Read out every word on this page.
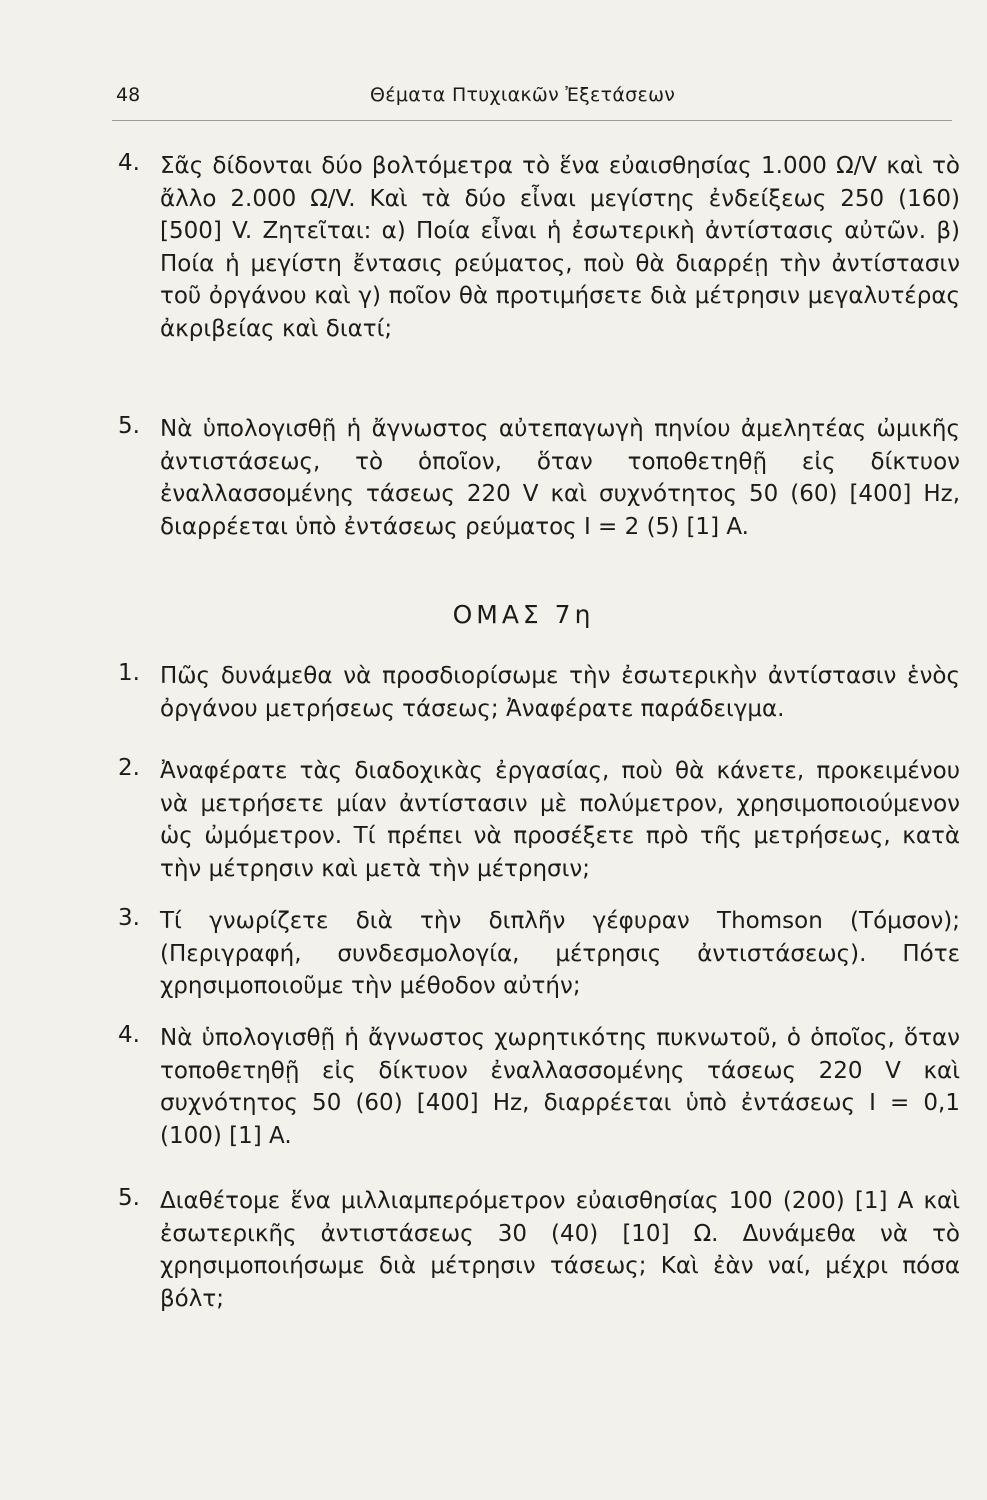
48	Θέματα Πτυχιακῶν Ἐξετάσεων
4. Σᾶς δίδονται δύο βολτόμετρα τὸ ἕνα εὐαισθησίας 1.000 Ω/V καὶ τὸ ἄλλο 2.000 Ω/V. Καὶ τὰ δύο εἶναι μεγίστης ἐνδείξεως 250 (160) [500] V. Ζητεῖται: α) Ποία εἶναι ἡ ἐσωτερικὴ ἀντίστασις αὐτῶν. β) Ποία ἡ μεγίστη ἔντασις ρεύματος, ποὺ θὰ διαρρέῃ τὴν ἀντίστασιν τοῦ ὀργάνου καὶ γ) ποῖον θὰ προτιμήσετε διὰ μέτρησιν μεγαλυτέρας ἀκριβείας καὶ διατί;
5. Νὰ ὑπολογισθῇ ἡ ἄγνωστος αὐτεπαγωγὴ πηνίου ἀμελητέας ὠμικῆς ἀντιστάσεως, τὸ ὁποῖον, ὅταν τοποθετηθῇ εἰς δίκτυον ἐναλλασσομένης τάσεως 220 V καὶ συχνότητος 50 (60) [400] Hz, διαρρέεται ὑπὸ ἐντάσεως ρεύματος I = 2 (5) [1] A.
ΟΜΑΣ 7η
1. Πῶς δυνάμεθα νὰ προσδιορίσωμε τὴν ἐσωτερικὴν ἀντίστασιν ἑνὸς ὀργάνου μετρήσεως τάσεως; Ἀναφέρατε παράδειγμα.
2. Ἀναφέρατε τὰς διαδοχικὰς ἐργασίας, ποὺ θὰ κάνετε, προκειμένου νὰ μετρήσετε μίαν ἀντίστασιν μὲ πολύμετρον, χρησιμοποιούμενον ὡς ὠμόμετρον. Τί πρέπει νὰ προσέξετε πρὸ τῆς μετρήσεως, κατὰ τὴν μέτρησιν καὶ μετὰ τὴν μέτρησιν;
3. Τί γνωρίζετε διὰ τὴν διπλῆν γέφυραν Thomson (Τόμσον); (Περιγραφή, συνδεσμολογία, μέτρησις ἀντιστάσεως). Πότε χρησιμοποιοῦμε τὴν μέθοδον αὐτήν;
4. Νὰ ὑπολογισθῇ ἡ ἄγνωστος χωρητικότης πυκνωτοῦ, ὁ ὁποῖος, ὅταν τοποθετηθῇ εἰς δίκτυον ἐναλλασσομένης τάσεως 220 V καὶ συχνότητος 50 (60) [400] Hz, διαρρέεται ὑπὸ ἐντάσεως I = 0,1 (100) [1] A.
5. Διαθέτομε ἕνα μιλλιαμπερόμετρον εὐαισθησίας 100 (200) [1] A καὶ ἐσωτερικῆς ἀντιστάσεως 30 (40) [10] Ω. Δυνάμεθα νὰ τὸ χρησιμοποιήσωμε διὰ μέτρησιν τάσεως; Καὶ ἐὰν ναί, μέχρι πόσα βόλτ;
